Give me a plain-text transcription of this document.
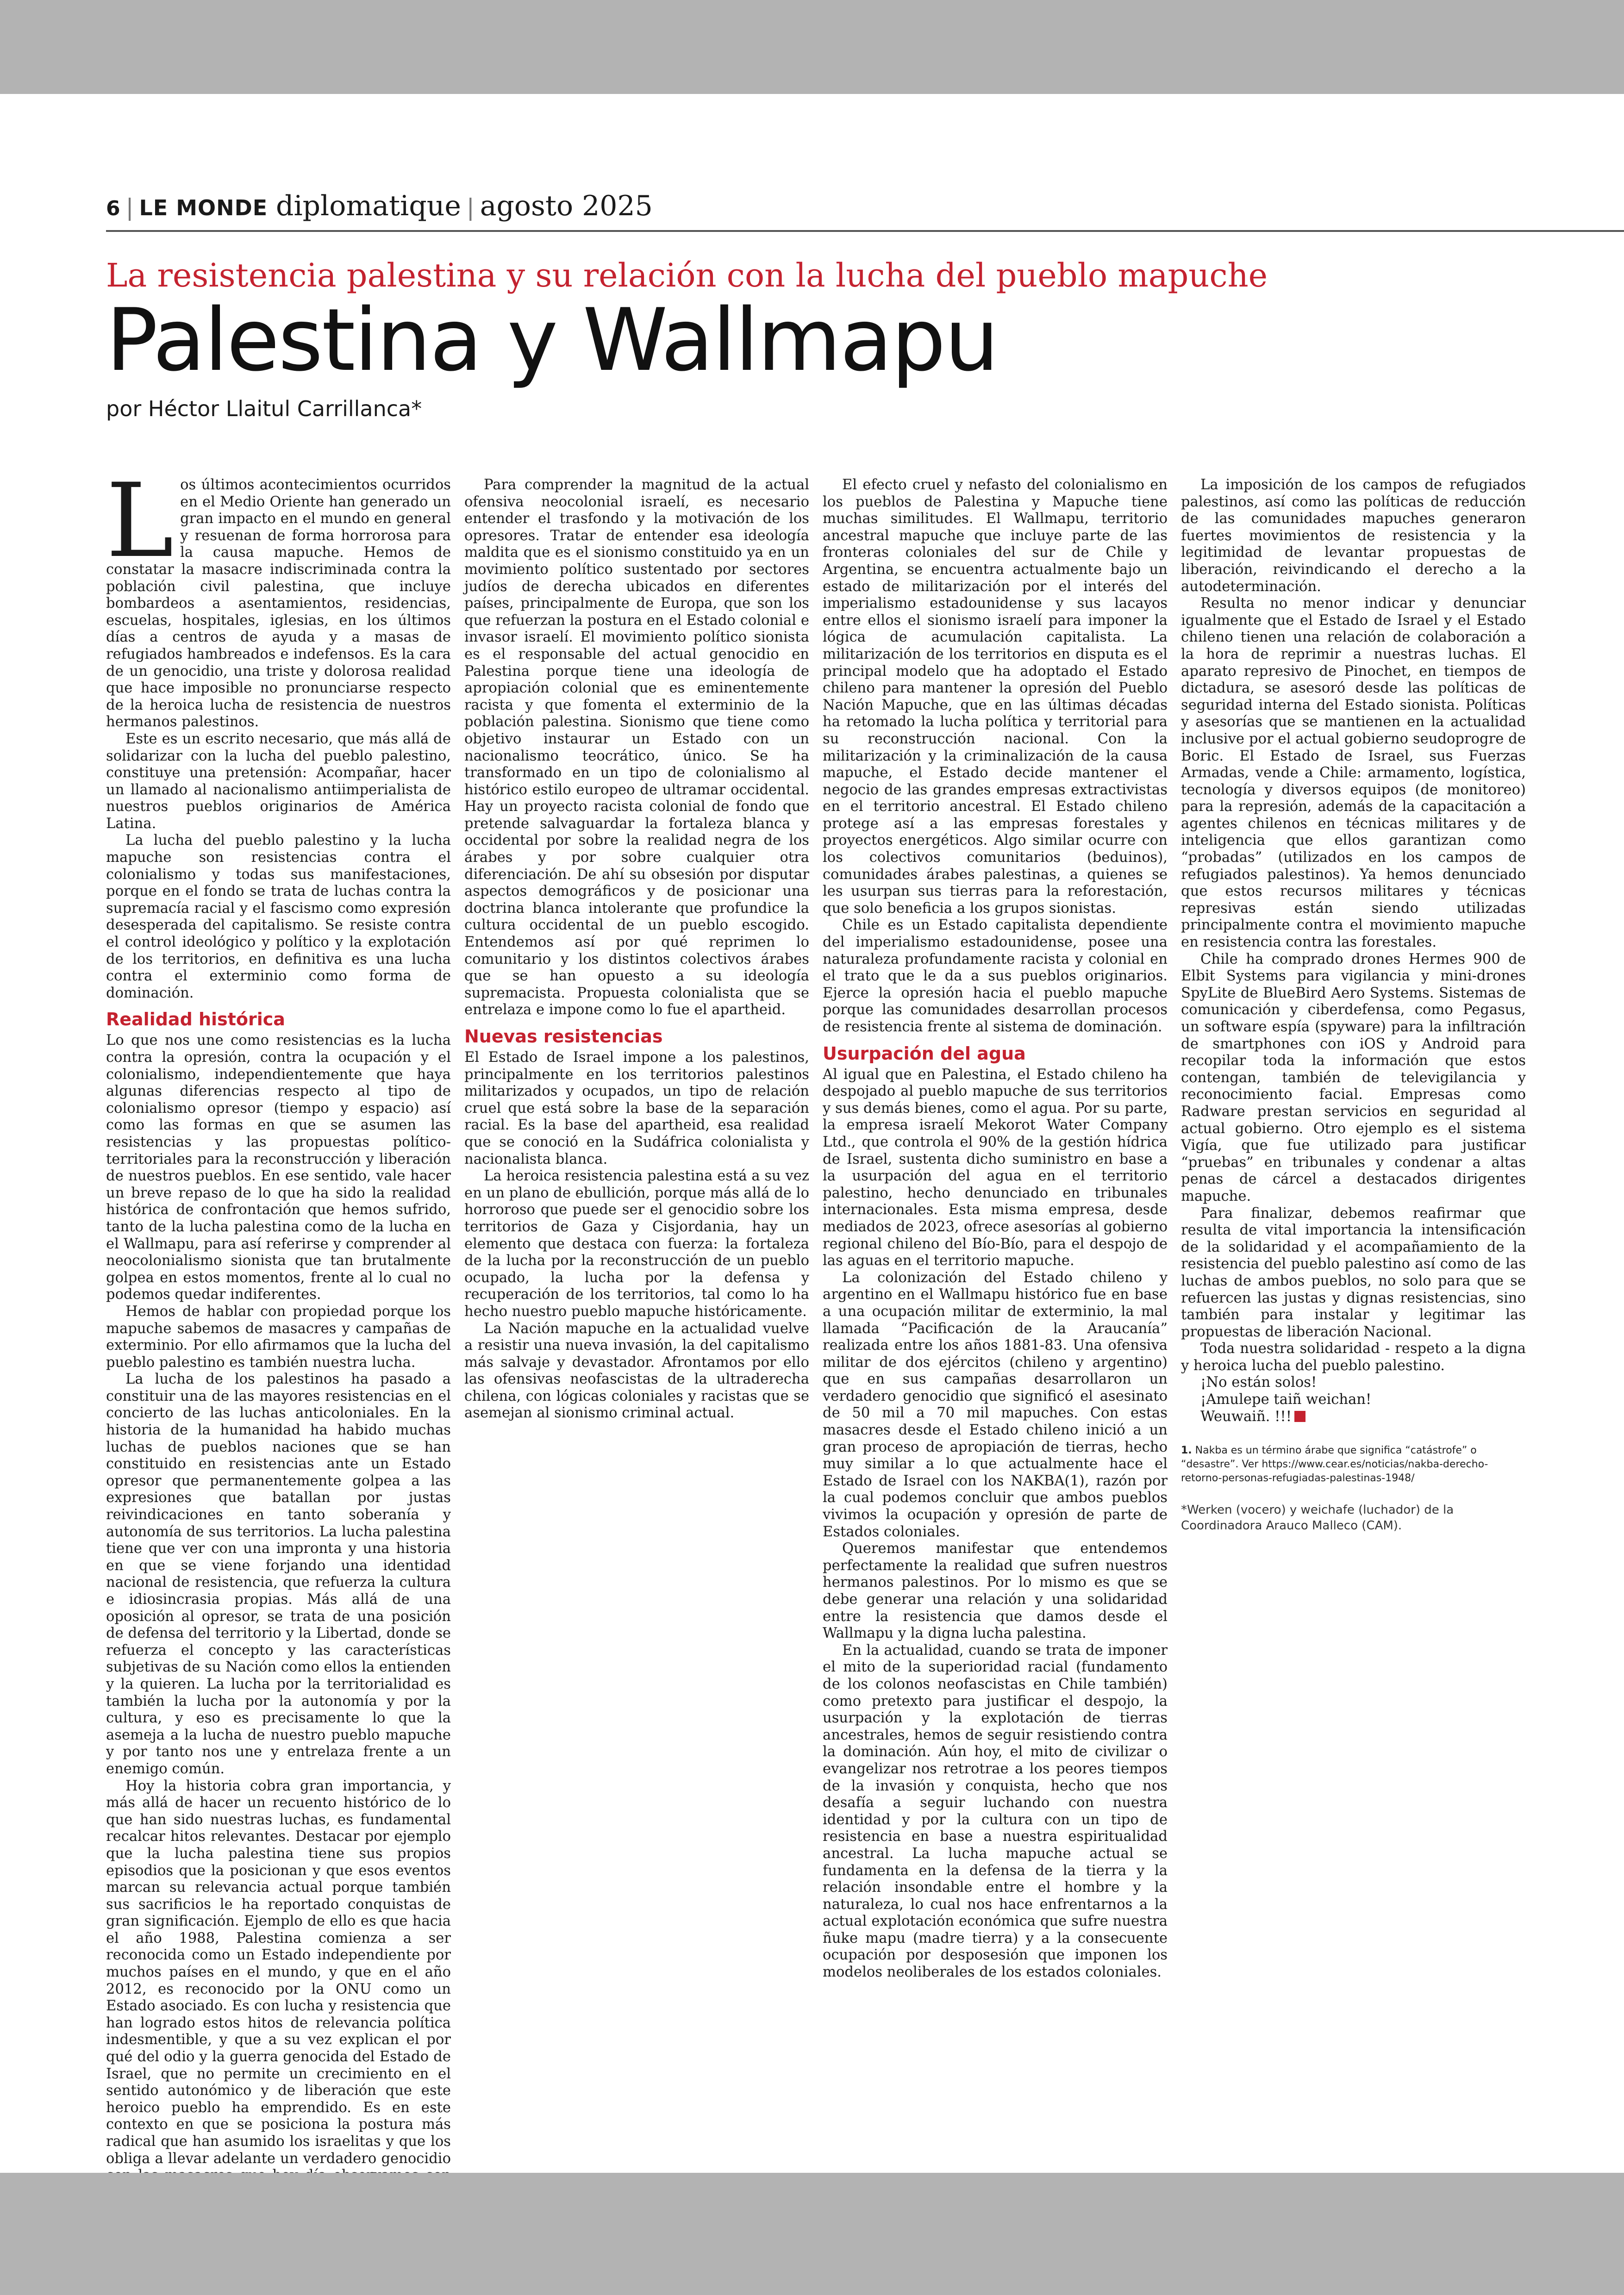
6 | LE MONDE diplomatique | agosto 2025
La resistencia palestina y su relación con la lucha del pueblo mapuche
Palestina y Wallmapu
por Héctor Llaitul Carrillanca*

Los últimos acontecimientos ocurridos en el Medio Oriente han generado un gran impacto en el mundo en general y resuenan de forma horrorosa para la causa mapuche. Hemos de constatar la masacre indiscriminada contra la población civil palestina, que incluye bombardeos a asentamientos, residencias, escuelas, hospitales, iglesias, en los últimos días a centros de ayuda y a masas de refugiados hambreados e indefensos. Es la cara de un genocidio, una triste y dolorosa realidad que hace imposible no pronunciarse respecto de la heroica lucha de resistencia de nuestros hermanos palestinos.

Este es un escrito necesario, que más allá de solidarizar con la lucha del pueblo palestino, constituye una pretensión: Acompañar, hacer un llamado al nacionalismo antiimperialista de nuestros pueblos originarios de América Latina.

La lucha del pueblo palestino y la lucha mapuche son resistencias contra el colonialismo y todas sus manifestaciones, porque en el fondo se trata de luchas contra la supremacía racial y el fascismo como expresión desesperada del capitalismo. Se resiste contra el control ideológico y político y la explotación de los territorios, en definitiva es una lucha contra el exterminio como forma de dominación.

Realidad histórica

Lo que nos une como resistencias es la lucha contra la opresión, contra la ocupación y el colonialismo, independientemente que haya algunas diferencias respecto al tipo de colonialismo opresor (tiempo y espacio) así como las formas en que se asumen las resistencias y las propuestas político-territoriales para la reconstrucción y liberación de nuestros pueblos. En ese sentido, vale hacer un breve repaso de lo que ha sido la realidad histórica de confrontación que hemos sufrido, tanto de la lucha palestina como de la lucha en el Wallmapu, para así referirse y comprender al neocolonialismo sionista que tan brutalmente golpea en estos momentos, frente al lo cual no podemos quedar indiferentes.

Hemos de hablar con propiedad porque los mapuche sabemos de masacres y campañas de exterminio. Por ello afirmamos que la lucha del pueblo palestino es también nuestra lucha.

La lucha de los palestinos ha pasado a constituir una de las mayores resistencias en el concierto de las luchas anticoloniales. En la historia de la humanidad ha habido muchas luchas de pueblos naciones que se han constituido en resistencias ante un Estado opresor que permanentemente golpea a las expresiones que batallan por justas reivindicaciones en tanto soberanía y autonomía de sus territorios. La lucha palestina tiene que ver con una impronta y una historia en que se viene forjando una identidad nacional de resistencia, que refuerza la cultura e idiosincrasia propias. Más allá de una oposición al opresor, se trata de una posición de defensa del territorio y la Libertad, donde se refuerza el concepto y las características subjetivas de su Nación como ellos la entienden y la quieren. La lucha por la territorialidad es también la lucha por la autonomía y por la cultura, y eso es precisamente lo que la asemeja a la lucha de nuestro pueblo mapuche y por tanto nos une y entrelaza frente a un enemigo común.

Hoy la historia cobra gran importancia, y más allá de hacer un recuento histórico de lo que han sido nuestras luchas, es fundamental recalcar hitos relevantes. Destacar por ejemplo que la lucha palestina tiene sus propios episodios que la posicionan y que esos eventos marcan su relevancia actual porque también sus sacrificios le ha reportado conquistas de gran significación. Ejemplo de ello es que hacia el año 1988, Palestina comienza a ser reconocida como un Estado independiente por muchos países en el mundo, y que en el año 2012, es reconocido por la ONU como un Estado asociado. Es con lucha y resistencia que han logrado estos hitos de relevancia política indesmentible, y que a su vez explican el por qué del odio y la guerra genocida del Estado de Israel, que no permite un crecimiento en el sentido autonómico y de liberación que este heroico pueblo ha emprendido. Es en este contexto en que se posiciona la postura más radical que han asumido los israelitas y que los obliga a llevar adelante un verdadero genocidio

Para comprender la magnitud de la actual ofensiva neocolonial israelí, es necesario entender el trasfondo y la motivación de los opresores. Tratar de entender esa ideología maldita que es el sionismo constituido ya en un movimiento político sustentado por sectores judíos de derecha ubicados en diferentes países, principalmente de Europa, que son los que refuerzan la postura en el Estado colonial e invasor israelí. El movimiento político sionista es el responsable del actual genocidio en Palestina porque tiene una ideología de apropiación colonial que es eminentemente racista y que fomenta el exterminio de la población palestina. Sionismo que tiene como objetivo instaurar un Estado con un nacionalismo teocrático, único. Se ha transformado en un tipo de colonialismo al histórico estilo europeo de ultramar occidental. Hay un proyecto racista colonial de fondo que pretende salvaguardar la fortaleza blanca y occidental por sobre la realidad negra de los árabes y por sobre cualquier otra diferenciación. De ahí su obsesión por disputar aspectos demográficos y de posicionar una doctrina blanca intolerante que profundice la cultura occidental de un pueblo escogido. Entendemos así por qué reprimen lo comunitario y los distintos colectivos árabes que se han opuesto a su ideología supremacista. Propuesta colonialista que se entrelaza e impone como lo fue el apartheid.

Nuevas resistencias

El Estado de Israel impone a los palestinos, principalmente en los territorios palestinos militarizados y ocupados, un tipo de relación cruel que está sobre la base de la separación racial. Es la base del apartheid, esa realidad que se conoció en la Sudáfrica colonialista y nacionalista blanca.

La heroica resistencia palestina está a su vez en un plano de ebullición, porque más allá de lo horroroso que puede ser el genocidio sobre los territorios de Gaza y Cisjordania, hay un elemento que destaca con fuerza: la fortaleza de la lucha por la reconstrucción de un pueblo ocupado, la lucha por la defensa y recuperación de los territorios, tal como lo ha hecho nuestro pueblo mapuche históricamente.

La Nación mapuche en la actualidad vuelve a resistir una nueva invasión, la del capitalismo más salvaje y devastador. Afrontamos por ello las ofensivas neofascistas de la ultraderecha chilena, con lógicas coloniales y racistas que se asemejan al sionismo criminal actual.

El efecto cruel y nefasto del colonialismo en los pueblos de Palestina y Mapuche tiene muchas similitudes. El Wallmapu, territorio ancestral mapuche que incluye parte de las fronteras coloniales del sur de Chile y Argentina, se encuentra actualmente bajo un estado de militarización por el interés del imperialismo estadounidense y sus lacayos entre ellos el sionismo israelí para imponer la lógica de acumulación capitalista. La militarización de los territorios en disputa es el principal modelo que ha adoptado el Estado chileno para mantener la opresión del Pueblo Nación Mapuche, que en las últimas décadas ha retomado la lucha política y territorial para su reconstrucción nacional. Con la militarización y la criminalización de la causa mapuche, el Estado decide mantener el negocio de las grandes empresas extractivistas en el territorio ancestral. El Estado chileno protege así a las empresas forestales y proyectos energéticos. Algo similar ocurre con los colectivos comunitarios (beduinos), comunidades árabes palestinas, a quienes se les usurpan sus tierras para la reforestación, que solo beneficia a los grupos sionistas.

Chile es un Estado capitalista dependiente del imperialismo estadounidense, posee una naturaleza profundamente racista y colonial en el trato que le da a sus pueblos originarios. Ejerce la opresión hacia el pueblo mapuche porque las comunidades desarrollan procesos de resistencia frente al sistema de dominación.

Usurpación del agua

Al igual que en Palestina, el Estado chileno ha despojado al pueblo mapuche de sus territorios y sus demás bienes, como el agua. Por su parte, la empresa israelí Mekorot Water Company Ltd., que controla el 90% de la gestión hídrica de Israel, sustenta dicho suministro en base a la usurpación del agua en el territorio palestino, hecho denunciado en tribunales internacionales. Esta misma empresa, desde mediados de 2023, ofrece asesorías al gobierno regional chileno del Bío-Bío, para el despojo de las aguas en el territorio mapuche.

La colonización del Estado chileno y argentino en el Wallmapu histórico fue en base a una ocupación militar de exterminio, la mal llamada “Pacificación de la Araucanía” realizada entre los años 1881-83. Una ofensiva militar de dos ejércitos (chileno y argentino) que en sus campañas desarrollaron un verdadero genocidio que significó el asesinato de 50 mil a 70 mil mapuches. Con estas masacres desde el Estado chileno inició a un gran proceso de apropiación de tierras, hecho muy similar a lo que actualmente hace el Estado de Israel con los NAKBA(1), razón por la cual podemos concluir que ambos pueblos vivimos la ocupación y opresión de parte de Estados coloniales.

Queremos manifestar que entendemos perfectamente la realidad que sufren nuestros hermanos palestinos. Por lo mismo es que se debe generar una relación y una solidaridad entre la resistencia que damos desde el Wallmapu y la digna lucha palestina.

En la actualidad, cuando se trata de imponer el mito de la superioridad racial (fundamento de los colonos neofascistas en Chile también) como pretexto para justificar el despojo, la usurpación y la explotación de tierras ancestrales, hemos de seguir resistiendo contra la dominación. Aún hoy, el mito de civilizar o evangelizar nos retrotrae a los peores tiempos de la invasión y conquista, hecho que nos desafía a seguir luchando con nuestra identidad y por la cultura con un tipo de resistencia en base a nuestra espiritualidad ancestral. La lucha mapuche actual se fundamenta en la defensa de la tierra y la relación insondable entre el hombre y la naturaleza, lo cual nos hace enfrentarnos a la actual explotación económica que sufre nuestra ñuke mapu (madre tierra) y a la consecuente ocupación por desposesión que imponen los modelos neoliberales de los estados coloniales.

La imposición de los campos de refugiados palestinos, así como las políticas de reducción de las comunidades mapuches generaron fuertes movimientos de resistencia y la legitimidad de levantar propuestas de liberación, reivindicando el derecho a la autodeterminación.

Resulta no menor indicar y denunciar igualmente que el Estado de Israel y el Estado chileno tienen una relación de colaboración a la hora de reprimir a nuestras luchas. El aparato represivo de Pinochet, en tiempos de dictadura, se asesoró desde las políticas de seguridad interna del Estado sionista. Políticas y asesorías que se mantienen en la actualidad inclusive por el actual gobierno seudoprogre de Boric. El Estado de Israel, sus Fuerzas Armadas, vende a Chile: armamento, logística, tecnología y diversos equipos (de monitoreo) para la represión, además de la capacitación a agentes chilenos en técnicas militares y de inteligencia que ellos garantizan como “probadas” (utilizados en los campos de refugiados palestinos). Ya hemos denunciado que estos recursos militares y técnicas represivas están siendo utilizadas principalmente contra el movimiento mapuche en resistencia contra las forestales.

Chile ha comprado drones Hermes 900 de Elbit Systems para vigilancia y mini-drones SpyLite de BlueBird Aero Systems. Sistemas de comunicación y ciberdefensa, como Pegasus, un software espía (spyware) para la infiltración de smartphones con iOS y Android para recopilar toda la información que estos contengan, también de televigilancia y reconocimiento facial. Empresas como Radware prestan servicios en seguridad al actual gobierno. Otro ejemplo es el sistema Vigía, que fue utilizado para justificar “pruebas” en tribunales y condenar a altas penas de cárcel a destacados dirigentes mapuche.

Para finalizar, debemos reafirmar que resulta de vital importancia la intensificación de la solidaridad y el acompañamiento de la resistencia del pueblo palestino así como de las luchas de ambos pueblos, no solo para que se refuercen las justas y dignas resistencias, sino también para instalar y legitimar las propuestas de liberación Nacional.

Toda nuestra solidaridad - respeto a la digna y heroica lucha del pueblo palestino.

¡No están solos!

¡Amulepe taiñ weichan!

Weuwaiñ. !!!

1. Nakba es un término árabe que significa “catástrofe” o “desastre”. Ver https://www.cear.es/noticias/nakba-derecho-retorno-personas-refugiadas-palestinas-1948/
*Werken (vocero) y weichafe (luchador) de la Coordinadora Arauco Malleco (CAM).
